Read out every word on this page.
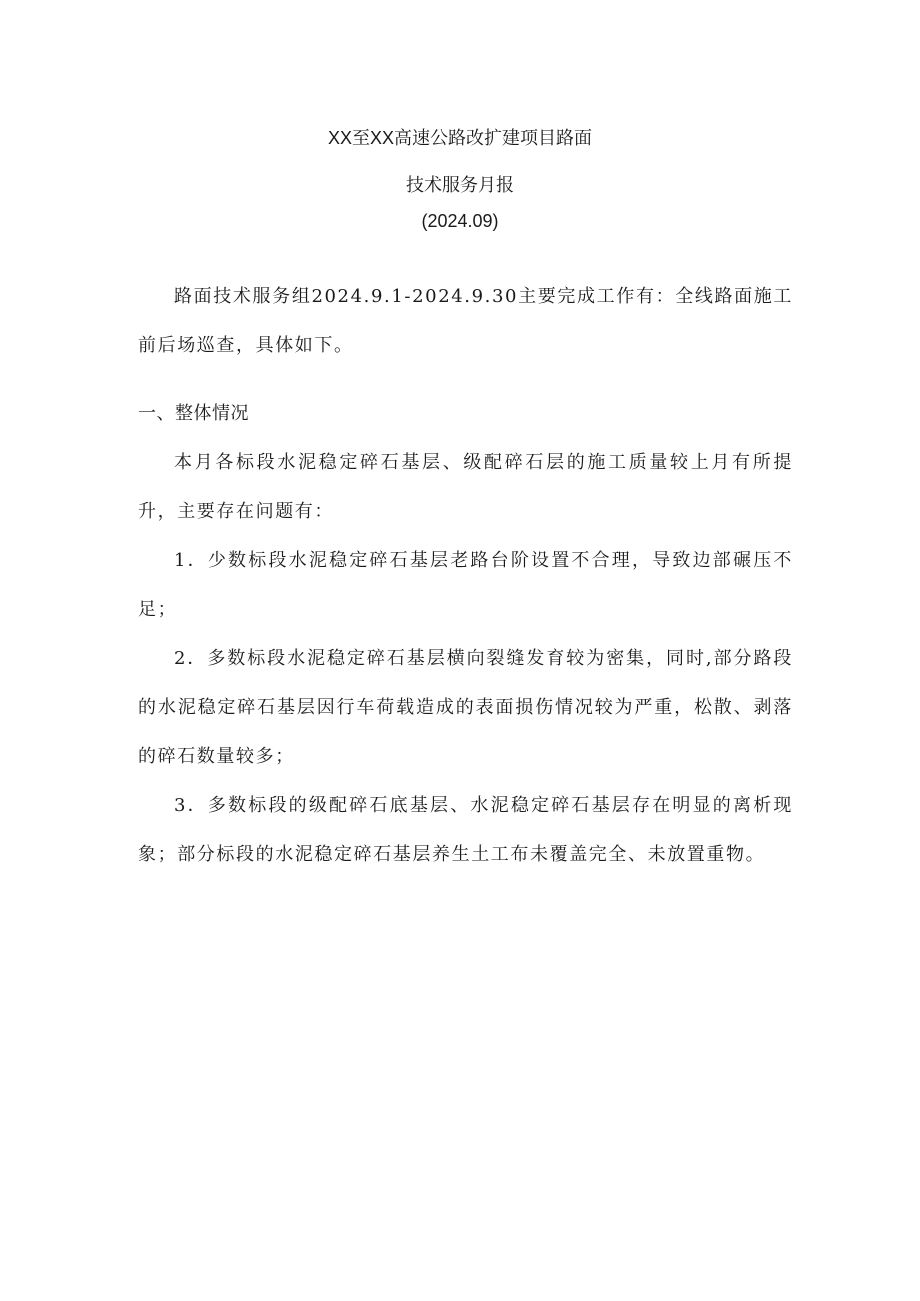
XX至XX高速公路改扩建项目路面
技术服务月报
(2024.09)

路面技术服务组2024.9.1-2024.9.30主要完成工作有：全线路面施工前后场巡查，具体如下。

一、整体情况

本月各标段水泥稳定碎石基层、级配碎石层的施工质量较上月有所提升，主要存在问题有：

1．少数标段水泥稳定碎石基层老路台阶设置不合理，导致边部碾压不足；

2．多数标段水泥稳定碎石基层横向裂缝发育较为密集，同时,部分路段的水泥稳定碎石基层因行车荷载造成的表面损伤情况较为严重，松散、剥落的碎石数量较多；

3．多数标段的级配碎石底基层、水泥稳定碎石基层存在明显的离析现象；部分标段的水泥稳定碎石基层养生土工布未覆盖完全、未放置重物。
